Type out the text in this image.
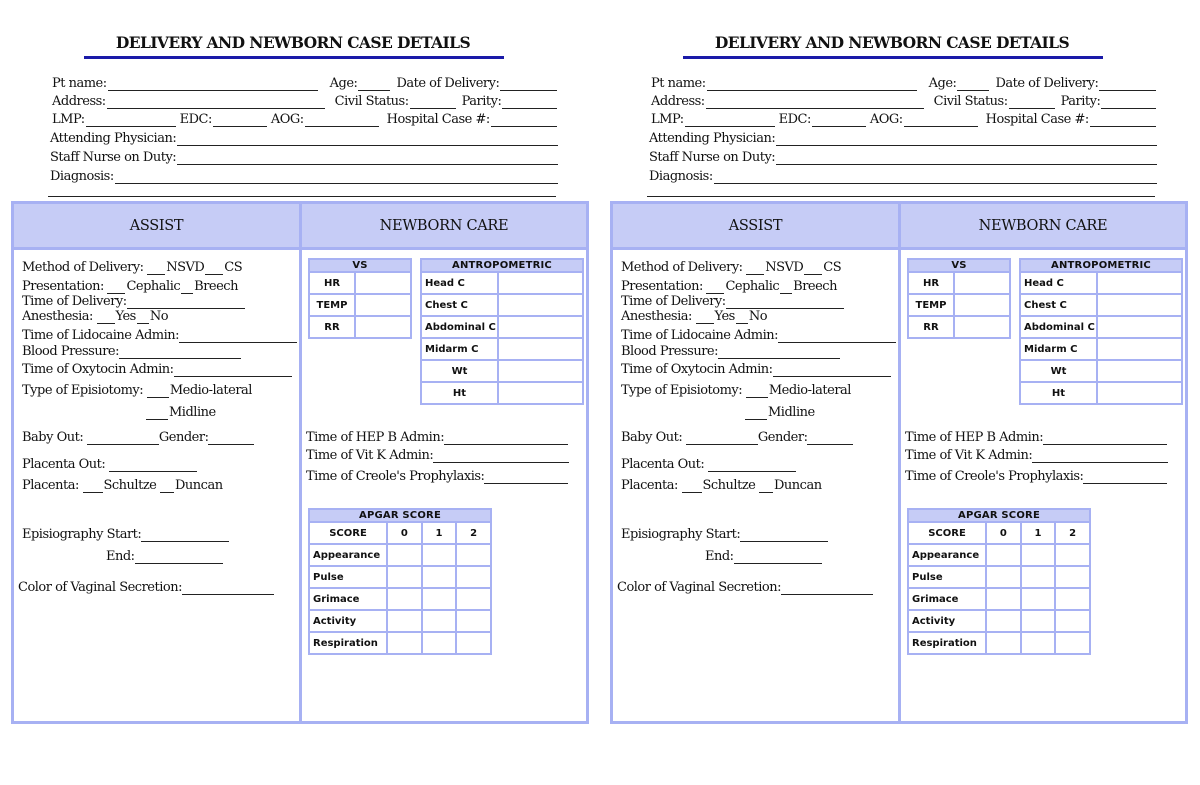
DELIVERY AND NEWBORN CASE DETAILS
Pt name:	Age:	Date of Delivery:
Address:	Civil Status:	Parity:
LMP:	EDC:	AOG:	Hospital Case #:
Attending Physician:
Staff Nurse on Duty:
Diagnosis:
ASSIST	NEWBORN CARE
Method of Delivery:
NSVD CS
Presentation:
Cephalic Breech
Time of Delivery:
Anesthesia:
Yes No
Time of Lidocaine Admin:
Blood Pressure:
Time of Oxytocin Admin:
Type of Episiotomy:
Medio-lateral
Midline
Baby Out:
	Gender:
Placenta Out:

Placenta:
Schultze
Duncan
Episiography Start:
End:
Color of Vaginal Secretion:
VS	
HR	
TEMP	
RR	
ANTROPOMETRIC	
Head C	
Chest C	
Abdominal C	
Midarm C	
Wt	
Ht	
Time of HEP B Admin:
Time of Vit K Admin:
Time of Creole's Prophylaxis:
APGAR SCORE			
SCORE	0	1	2
Appearance			
Pulse			
Grimace			
Activity			
Respiration			
DELIVERY AND NEWBORN CASE DETAILS
Pt name:	Age:	Date of Delivery:
Address:	Civil Status:	Parity:
LMP:	EDC:	AOG:	Hospital Case #:
Attending Physician:
Staff Nurse on Duty:
Diagnosis:
ASSIST	NEWBORN CARE
Method of Delivery:
NSVD CS
Presentation:
Cephalic Breech
Time of Delivery:
Anesthesia:
Yes No
Time of Lidocaine Admin:
Blood Pressure:
Time of Oxytocin Admin:
Type of Episiotomy:
Medio-lateral
Midline
Baby Out:
	Gender:
Placenta Out:

Placenta:
Schultze
Duncan
Episiography Start:
End:
Color of Vaginal Secretion:
VS	
HR	
TEMP	
RR	
ANTROPOMETRIC	
Head C	
Chest C	
Abdominal C	
Midarm C	
Wt	
Ht	
Time of HEP B Admin:
Time of Vit K Admin:
Time of Creole's Prophylaxis:
APGAR SCORE			
SCORE	0	1	2
Appearance			
Pulse			
Grimace			
Activity			
Respiration			
